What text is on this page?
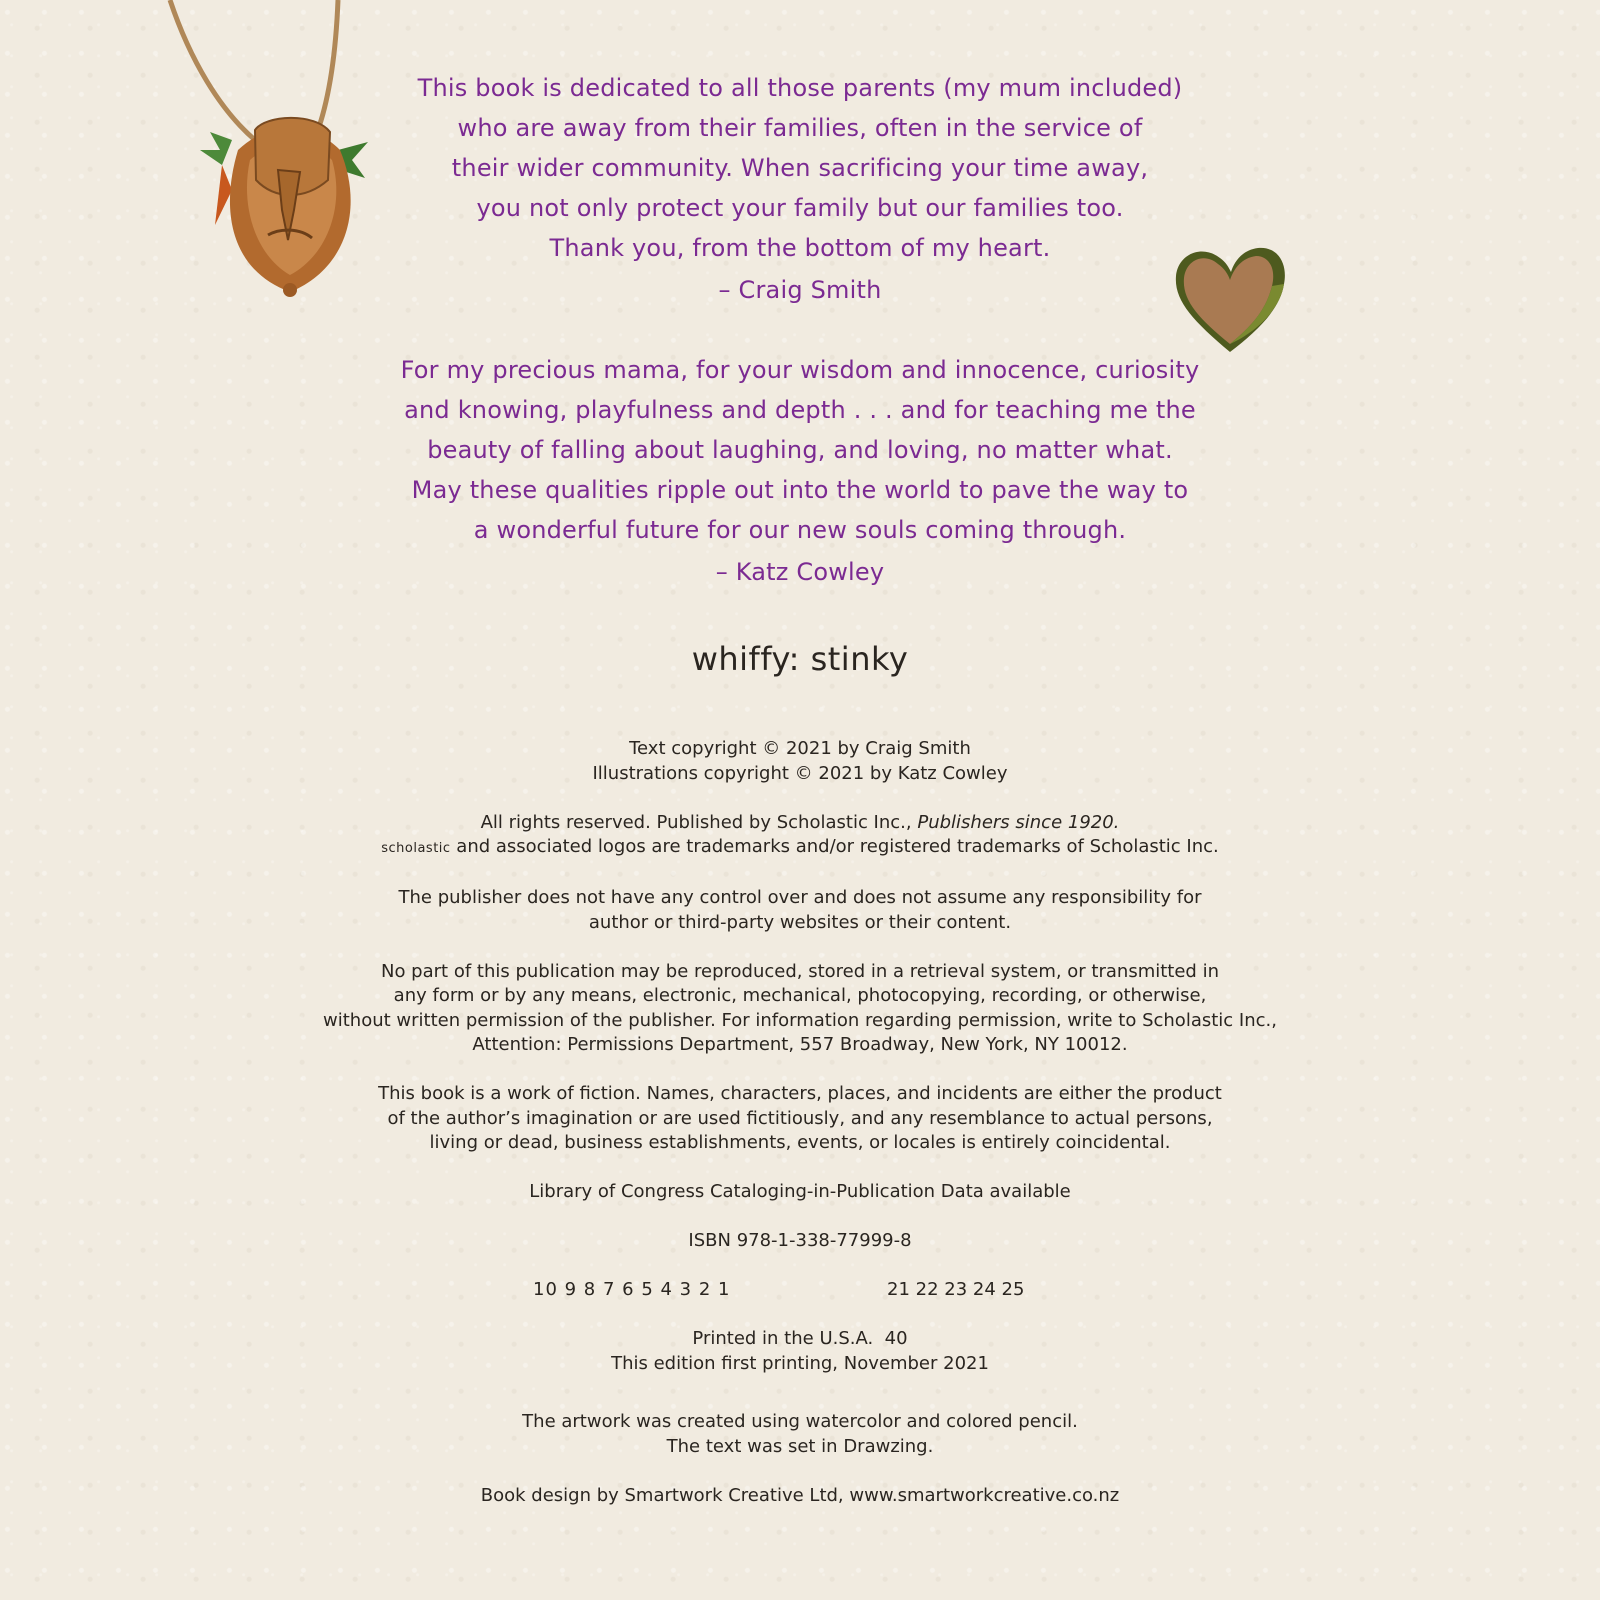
This book is dedicated to all those parents (my mum included)
who are away from their families, often in the service of
their wider community. When sacrificing your time away,
you not only protect your family but our families too.
Thank you, from the bottom of my heart.
– Craig Smith
For my precious mama, for your wisdom and innocence, curiosity
and knowing, playfulness and depth . . . and for teaching me the
beauty of falling about laughing, and loving, no matter what.
May these qualities ripple out into the world to pave the way to
a wonderful future for our new souls coming through.
– Katz Cowley
whiffy: stinky
Text copyright © 2021 by Craig Smith
Illustrations copyright © 2021 by Katz Cowley
All rights reserved. Published by Scholastic Inc., Publishers since 1920.
scholastic and associated logos are trademarks and/or registered trademarks of Scholastic Inc.
The publisher does not have any control over and does not assume any responsibility for
author or third-party websites or their content.
No part of this publication may be reproduced, stored in a retrieval system, or transmitted in
any form or by any means, electronic, mechanical, photocopying, recording, or otherwise,
without written permission of the publisher. For information regarding permission, write to Scholastic Inc.,
Attention: Permissions Department, 557 Broadway, New York, NY 10012.
This book is a work of fiction. Names, characters, places, and incidents are either the product
of the author’s imagination or are used fictitiously, and any resemblance to actual persons,
living or dead, business establishments, events, or locales is entirely coincidental.
Library of Congress Cataloging-in-Publication Data available
ISBN 978-1-338-77999-8
10 9 8 7 6 5 4 3 2 1	21 22 23 24 25
Printed in the U.S.A.  40
This edition first printing, November 2021
The artwork was created using watercolor and colored pencil.
The text was set in Drawzing.
Book design by Smartwork Creative Ltd, www.smartworkcreative.co.nz
